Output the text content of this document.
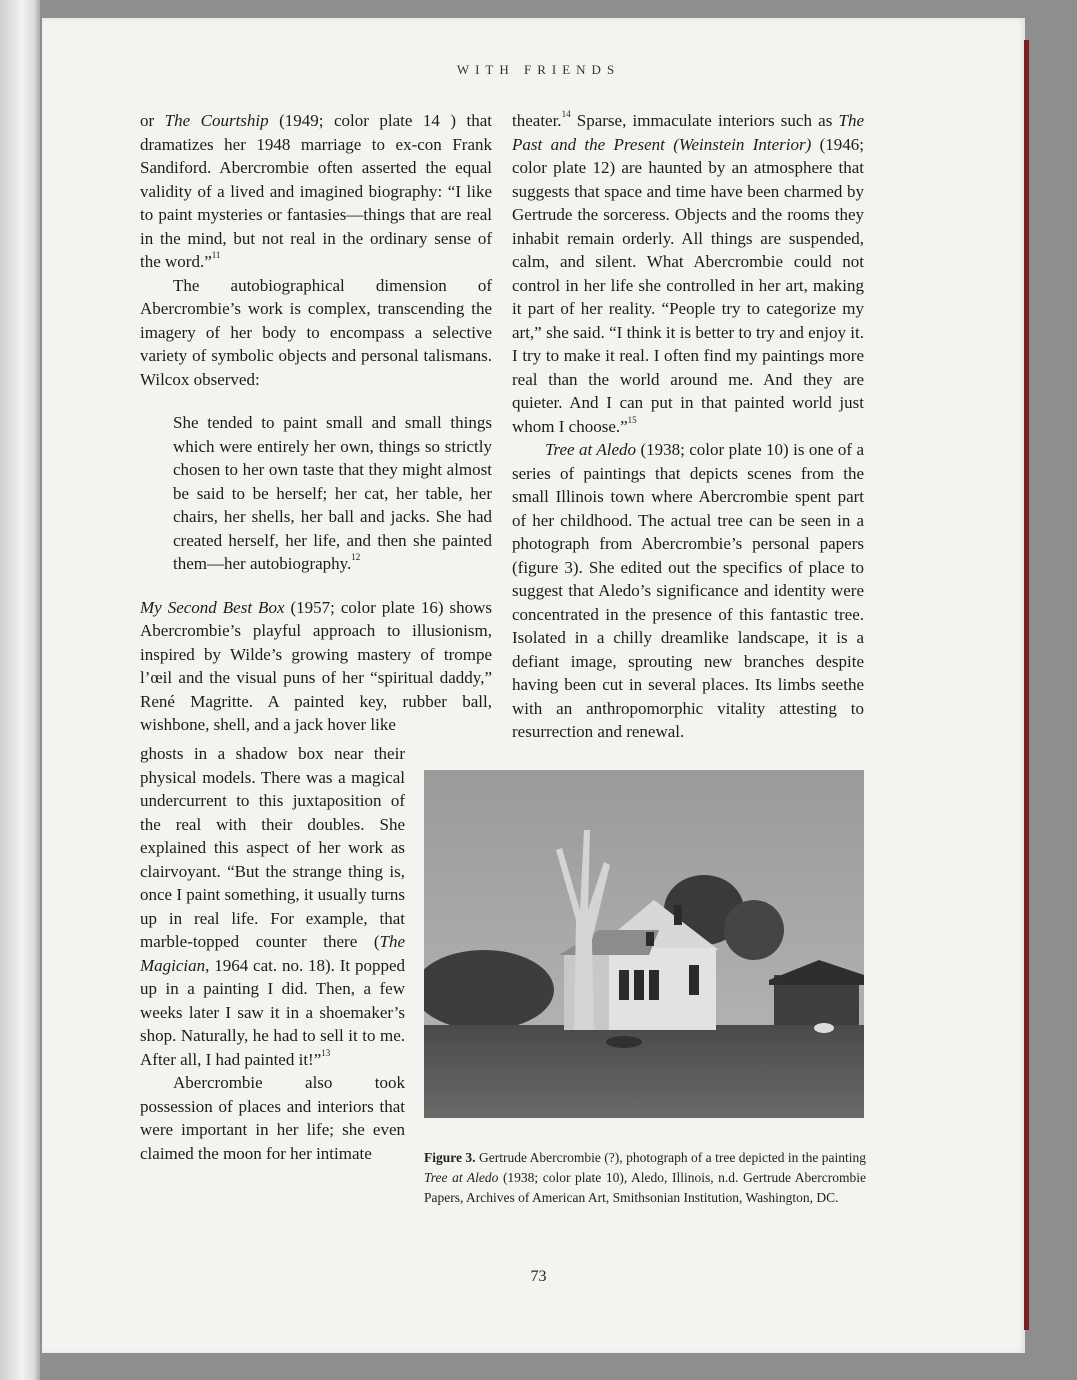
WITH FRIENDS

or The Courtship (1949; color plate 14 ) that dramatizes her 1948 marriage to ex-con Frank Sandiford. Abercrombie often asserted the equal validity of a lived and imagined biography: “I like to paint mysteries or fantasies—things that are real in the mind, but not real in the ordinary sense of the word.”$^{11}$

The autobiographical dimension of Abercrombie’s work is complex, transcending the imagery of her body to encompass a selective variety of symbolic objects and personal talismans. Wilcox observed:

She tended to paint small and small things which were entirely her own, things so strictly chosen to her own taste that they might almost be said to be herself; her cat, her table, her chairs, her shells, her ball and jacks. She had created herself, her life, and then she painted them—her autobiography.$^{12}$

My Second Best Box (1957; color plate 16) shows Abercrombie’s playful approach to illusionism, inspired by Wilde’s growing mastery of trompe l’œil and the visual puns of her “spiritual daddy,” René Magritte. A painted key, rubber ball, wishbone, shell, and a jack hover like

ghosts in a shadow box near their physical models. There was a magical undercurrent to this juxtaposition of the real with their doubles. She explained this aspect of her work as clairvoyant. “But the strange thing is, once I paint something, it usually turns up in real life. For example, that marble-topped counter there (The Magician, 1964 cat. no. 18). It popped up in a painting I did. Then, a few weeks later I saw it in a shoemaker’s shop. Naturally, he had to sell it to me. After all, I had painted it!”$^{13}$

Abercrombie also took possession of places and interiors that were important in her life; she even claimed the moon for her intimate

theater.$^{14}$ Sparse, immaculate interiors such as The Past and the Present (Weinstein Interior) (1946; color plate 12) are haunted by an atmosphere that suggests that space and time have been charmed by Gertrude the sorceress. Objects and the rooms they inhabit remain orderly. All things are suspended, calm, and silent. What Abercrombie could not control in her life she controlled in her art, making it part of her reality. “People try to categorize my art,” she said. “I think it is better to try and enjoy it. I try to make it real. I often find my paintings more real than the world around me. And they are quieter. And I can put in that painted world just whom I choose.”$^{15}$

Tree at Aledo (1938; color plate 10) is one of a series of paintings that depicts scenes from the small Illinois town where Abercrombie spent part of her childhood. The actual tree can be seen in a photograph from Abercrombie’s personal papers (figure 3). She edited out the specifics of place to suggest that Aledo’s significance and identity were concentrated in the presence of this fantastic tree. Isolated in a chilly dreamlike landscape, it is a defiant image, sprouting new branches despite having been cut in several places. Its limbs seethe with an anthropomorphic vitality attesting to resurrection and renewal.

Figure 3. Gertrude Abercrombie (?), photograph of a tree depicted in the painting Tree at Aledo (1938; color plate 10), Aledo, Illinois, n.d. Gertrude Abercrombie Papers, Archives of American Art, Smithsonian Institution, Washington, DC.
73
